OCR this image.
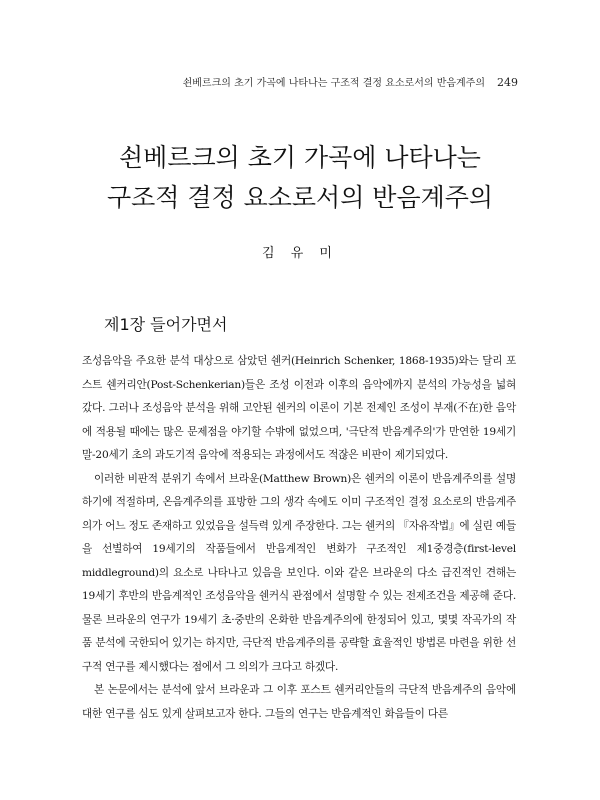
쇤베르크의 초기 가곡에 나타나는 구조적 결정 요소로서의 반음계주의 249
쇤베르크의 초기 가곡에 나타나는
구조적 결정 요소로서의 반음계주의
김 유 미
제1장 들어가면서

조성음악을 주요한 분석 대상으로 삼았던 쉔커(Heinrich Schenker, 1868-1935)와는 달리 포스트 쉔커리안(Post-Schenkerian)들은 조성 이전과 이후의 음악에까지 분석의 가능성을 넓혀갔다. 그러나 조성음악 분석을 위해 고안된 쉔커의 이론이 기본 전제인 조성이 부재(不在)한 음악에 적용될 때에는 많은 문제점을 야기할 수밖에 없었으며, '극단적 반음계주의'가 만연한 19세기 말-20세기 초의 과도기적 음악에 적용되는 과정에서도 적잖은 비판이 제기되었다.

이러한 비판적 분위기 속에서 브라운(Matthew Brown)은 쉔커의 이론이 반음계주의를 설명하기에 적절하며, 온음계주의를 표방한 그의 생각 속에도 이미 구조적인 결정 요소로의 반음계주의가 어느 정도 존재하고 있었음을 설득력 있게 주장한다. 그는 쉔커의 『자유작법』에 실린 예들을 선별하여 19세기의 작품들에서 반음계적인 변화가 구조적인 제1중경층(first-level middleground)의 요소로 나타나고 있음을 보인다. 이와 같은 브라운의 다소 급진적인 견해는 19세기 후반의 반음계적인 조성음악을 쉔커식 관점에서 설명할 수 있는 전제조건을 제공해 준다. 물론 브라운의 연구가 19세기 초·중반의 온화한 반음계주의에 한정되어 있고, 몇몇 작곡가의 작품 분석에 국한되어 있기는 하지만, 극단적 반음계주의를 공략할 효율적인 방법론 마련을 위한 선구적 연구를 제시했다는 점에서 그 의의가 크다고 하겠다.

본 논문에서는 분석에 앞서 브라운과 그 이후 포스트 쉔커리안들의 극단적 반음계주의 음악에 대한 연구를 심도 있게 살펴보고자 한다. 그들의 연구는 반음계적인 화음들이 다른
